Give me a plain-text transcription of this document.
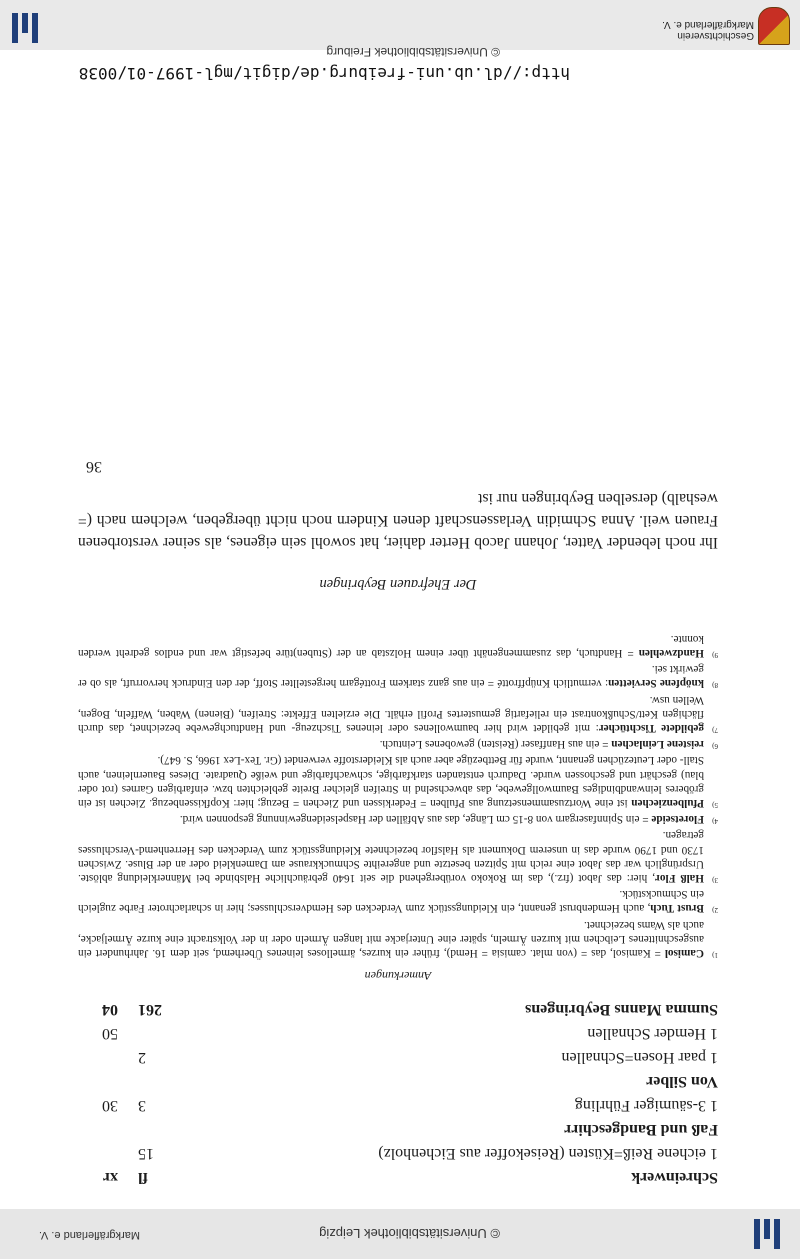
© Universitätsbibliothek Leipzig
Markgräflerland e. V.
Schreinwerk
fl
xr
1 eichene Reiß=Küsten (Reisekoffer aus Eichenholz)
15
Faß und Bandgeschirr
1 3-säumiger Führling
3
30
Von Silber
1 paar Hosen=Schnallen
2
1 Hemder Schnallen
50
Summa Manns Beybringens
261
04
Anmerkungen
1)
Camisol = Kamisol, das = (von mlat. camisia = Hemd), früher ein kurzes, ärmelloses leinenes Überhemd, seit dem 16. Jahrhundert ein ausgeschnittenes Leibchen mit kurzen Ärmeln, später eine Unterjacke mit langen Ärmeln oder in der Volkstracht eine kurze Ärmeljacke, auch als Wams bezeichnet.
2)
Brust Tuch, auch Hemdenbrust genannt, ein Kleidungsstück zum Verdecken des Hemdverschlusses; hier in scharlachroter Farbe zugleich ein Schmuckstück.
3)
Halß Flor, hier: das Jabot (frz.), das im Rokoko vorübergehend die seit 1640 gebräuchliche Halsbinde bei Männerkleidung ablöste. Ursprünglich war das Jabot eine reich mit Spitzen besetzte und angereihte Schmuckkrause am Damenkleid oder an der Bluse. Zwischen 1730 und 1790 wurde das in unserem Dokument als Halsflor bezeichnete Kleidungsstück zum Verdecken des Herrenhemd-Verschlusses getragen.
4)
Floretseide = ein Spinnfasergarn von 8-15 cm Länge, das aus Abfällen der Haspelseidengewinnung gesponnen wird.
5)
Pfulbenziechen ist eine Wortzusammensetzung aus Pfulben = Federkissen und Ziechen = Bezug; hier: Kopfkissenbezug. Ziechen ist ein gröberes leinwandbindiges Baumwollgewebe, das abwechselnd in Streifen gleicher Breite gebleichten bzw. einfarbigen Garnes (rot oder blau) geschärt und geschossen wurde. Dadurch entstanden starkfarbige, schwachfarbige und weiße Quadrate. Dieses Bauernleinen, auch Stall- oder Leutezüchen genannt, wurde für Bettbezüge aber auch als Kleiderstoffe verwendet (Gr. Tex-Lex 1966, S. 647).
6)
reistene Leinlachen = ein aus Hanffaser (Reisten) gewobenes Leintuch.
7)
gebildete Tischtücher: mit gebildet wird hier baumwollenes oder leinenes Tischzeug- und Handtuchgewebe bezeichnet, das durch flächigen Kett/Schußkontrast ein reliefartig gemustertes Profil erhält. Die erzielten Effekte: Streifen, (Bienen) Waben, Waffeln, Bogen, Wellen usw.
8)
knöpfene Servietten: vermutlich Knüpffrotté = ein aus ganz starkem Frottégarn hergestellter Stoff, der den Eindruck hervorruft, als ob er gewirkt sei.
9)
Handzwehlen = Handtuch, das zusammengenäht über einem Holzstab an der (Stuben)türe befestigt war und endlos gedreht werden konnte.
Der Ehefrauen Beybringen
Ihr noch lebender Vatter, Johann Jacob Herter dahier, hat sowohl sein eigenes, als seiner verstorbenen Frauen weil. Anna Schmidin Verlassenschaft denen Kindern noch nicht übergeben, welchem nach (= weshalb) derselben Beybringen nur ist
36
http://dl.ub.uni-freiburg.de/digit/mgl-1997-01/0038
© Universitätsbibliothek Freiburg
Geschichtsverein
Markgräflerland e. V.
